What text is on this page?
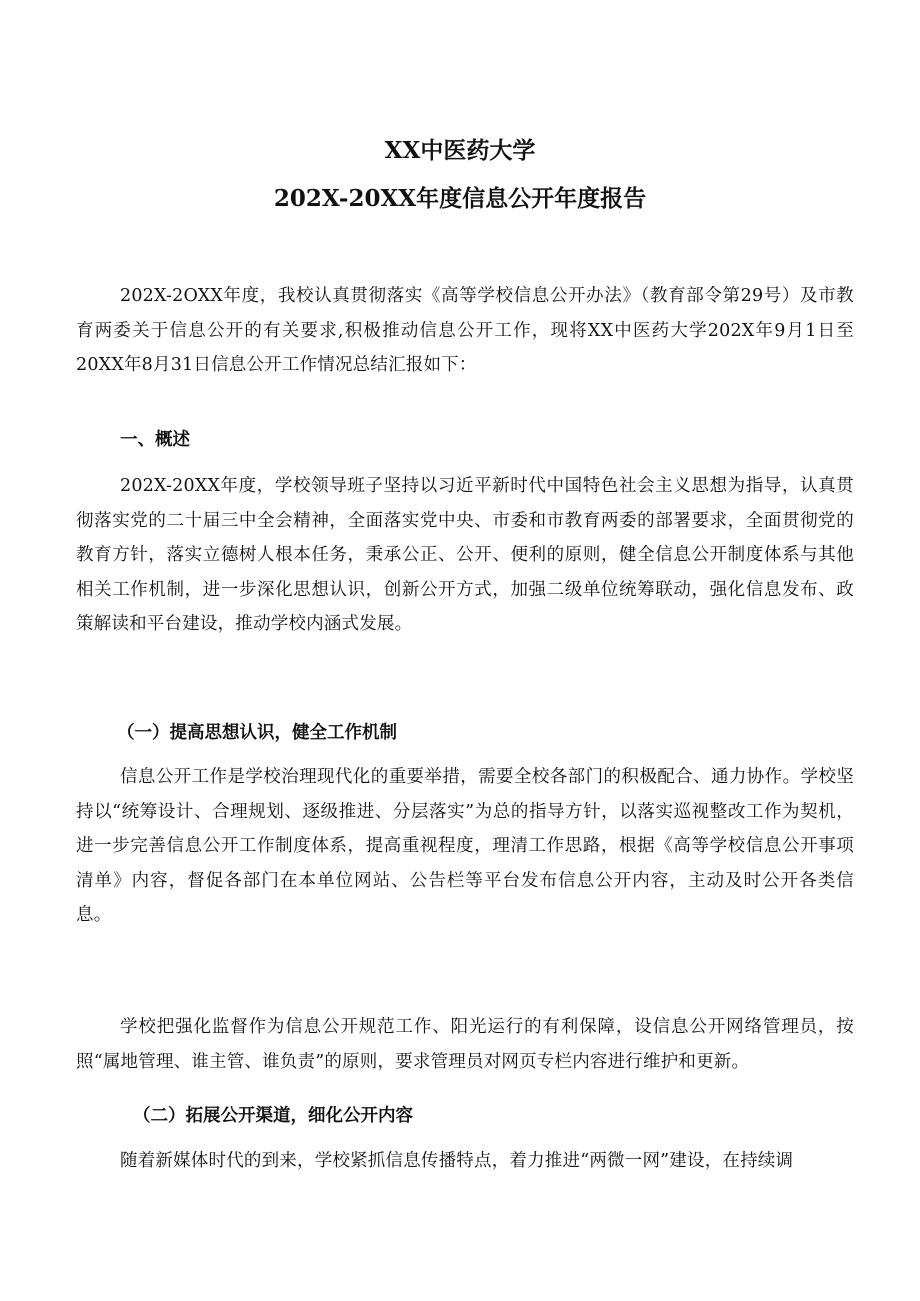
XX中医药大学
202X-20XX年度信息公开年度报告
202X-2OXX年度，我校认真贯彻落实《高等学校信息公开办法》（教育部令第29号）及市教育两委关于信息公开的有关要求,积极推动信息公开工作，现将XX中医药大学202X年9月1日至20XX年8月31日信息公开工作情况总结汇报如下：
一、概述
202X-20XX年度，学校领导班子坚持以习近平新时代中国特色社会主义思想为指导，认真贯彻落实党的二十届三中全会精神，全面落实党中央、市委和市教育两委的部署要求，全面贯彻党的教育方针，落实立德树人根本任务，秉承公正、公开、便利的原则，健全信息公开制度体系与其他相关工作机制，进一步深化思想认识，创新公开方式，加强二级单位统筹联动，强化信息发布、政策解读和平台建设，推动学校内涵式发展。
（一）提高思想认识，健全工作机制
信息公开工作是学校治理现代化的重要举措，需要全校各部门的积极配合、通力协作。学校坚持以“统筹设计、合理规划、逐级推进、分层落实”为总的指导方针，以落实巡视整改工作为契机，进一步完善信息公开工作制度体系，提高重视程度，理清工作思路，根据《高等学校信息公开事项清单》内容，督促各部门在本单位网站、公告栏等平台发布信息公开内容，主动及时公开各类信息。
学校把强化监督作为信息公开规范工作、阳光运行的有利保障，设信息公开网络管理员，按照“属地管理、谁主管、谁负责”的原则，要求管理员对网页专栏内容进行维护和更新。
（二）拓展公开渠道，细化公开内容
随着新媒体时代的到来，学校紧抓信息传播特点，着力推进“两微一网”建设，在持续调
